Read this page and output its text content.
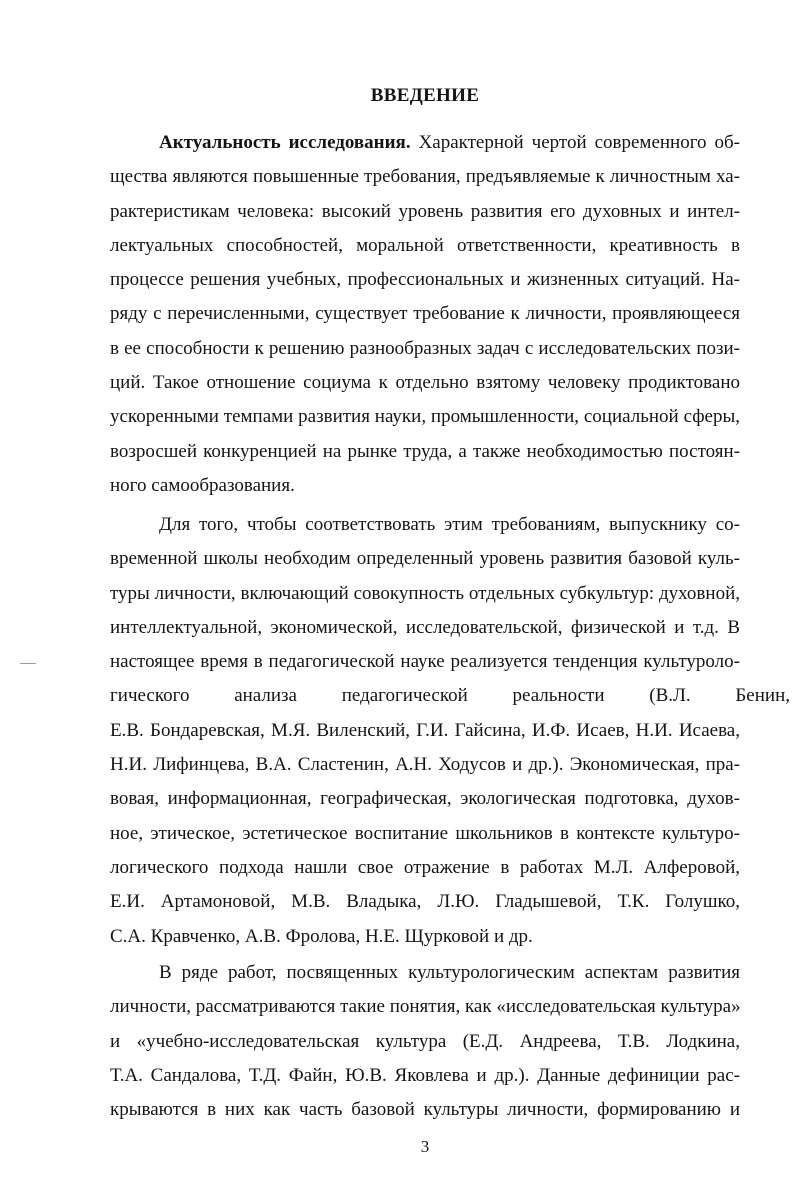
ВВЕДЕНИЕ
Актуальность исследования. Характерной чертой современного об-
щества являются повышенные требования, предъявляемые к личностным ха-
рактеристикам человека: высокий уровень развития его духовных и интел-
лектуальных способностей, моральной ответственности, креативность в
процессе решения учебных, профессиональных и жизненных ситуаций. На-
ряду с перечисленными, существует требование к личности, проявляющееся
в ее способности к решению разнообразных задач с исследовательских пози-
ций. Такое отношение социума к отдельно взятому человеку продиктовано
ускоренными темпами развития науки, промышленности, социальной сферы,
возросшей конкуренцией на рынке труда, а также необходимостью постоян-
ного самообразования.
Для того, чтобы соответствовать этим требованиям, выпускнику со-
временной школы необходим определенный уровень развития базовой куль-
туры личности, включающий совокупность отдельных субкультур: духовной,
интеллектуальной, экономической, исследовательской, физической и т.д. В
настоящее время в педагогической науке реализуется тенденция культуроло-
гического анализа педагогической реальности (В.Л. Бенин,
Е.В. Бондаревская, М.Я. Виленский, Г.И. Гайсина, И.Ф. Исаев, Н.И. Исаева,
Н.И. Лифинцева, В.А. Сластенин, А.Н. Ходусов и др.). Экономическая, пра-
вовая, информационная, географическая, экологическая подготовка, духов-
ное, этическое, эстетическое воспитание школьников в контексте культуро-
логического подхода нашли свое отражение в работах М.Л. Алферовой,
Е.И. Артамоновой, М.В. Владыка, Л.Ю. Гладышевой, Т.К. Голушко,
С.А. Кравченко, А.В. Фролова, Н.Е. Щурковой и др.
В ряде работ, посвященных культурологическим аспектам развития
личности, рассматриваются такие понятия, как «исследовательская культура»
и «учебно-исследовательская культура (Е.Д. Андреева, Т.В. Лодкина,
Т.А. Сандалова, Т.Д. Файн, Ю.В. Яковлева и др.). Данные дефиниции рас-
крываются в них как часть базовой культуры личности, формированию и
3
